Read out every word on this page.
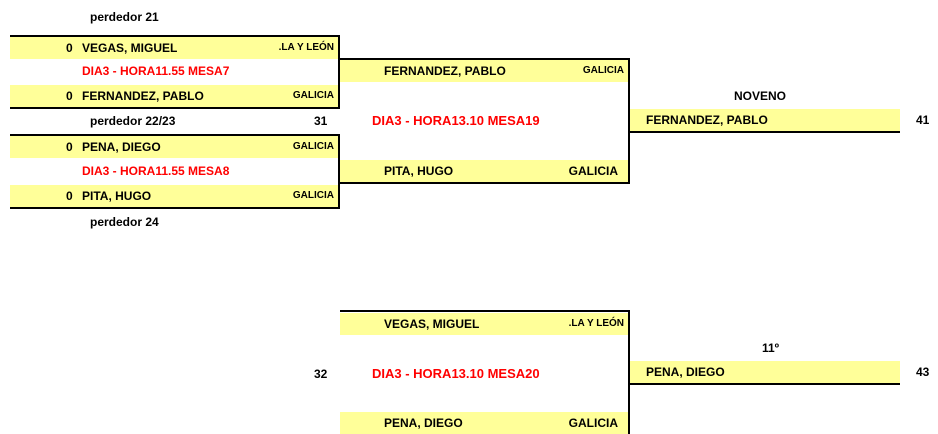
perdedor 21
0 VEGAS, MIGUEL	.LA Y LEÓN
DIA3 - HORA11.55 MESA7
0 FERNANDEZ, PABLO	GALICIA
perdedor 22/23	31
0 PENA, DIEGO	GALICIA
DIA3 - HORA11.55 MESA8
0 PITA, HUGO	GALICIA
perdedor 24
FERNANDEZ, PABLO	GALICIA
DIA3 - HORA13.10 MESA19
PITA, HUGO	GALICIA
NOVENO
FERNANDEZ, PABLO	41
VEGAS, MIGUEL	.LA Y LEÓN
32	DIA3 - HORA13.10 MESA20
PENA, DIEGO	GALICIA
11º
PENA, DIEGO	43
